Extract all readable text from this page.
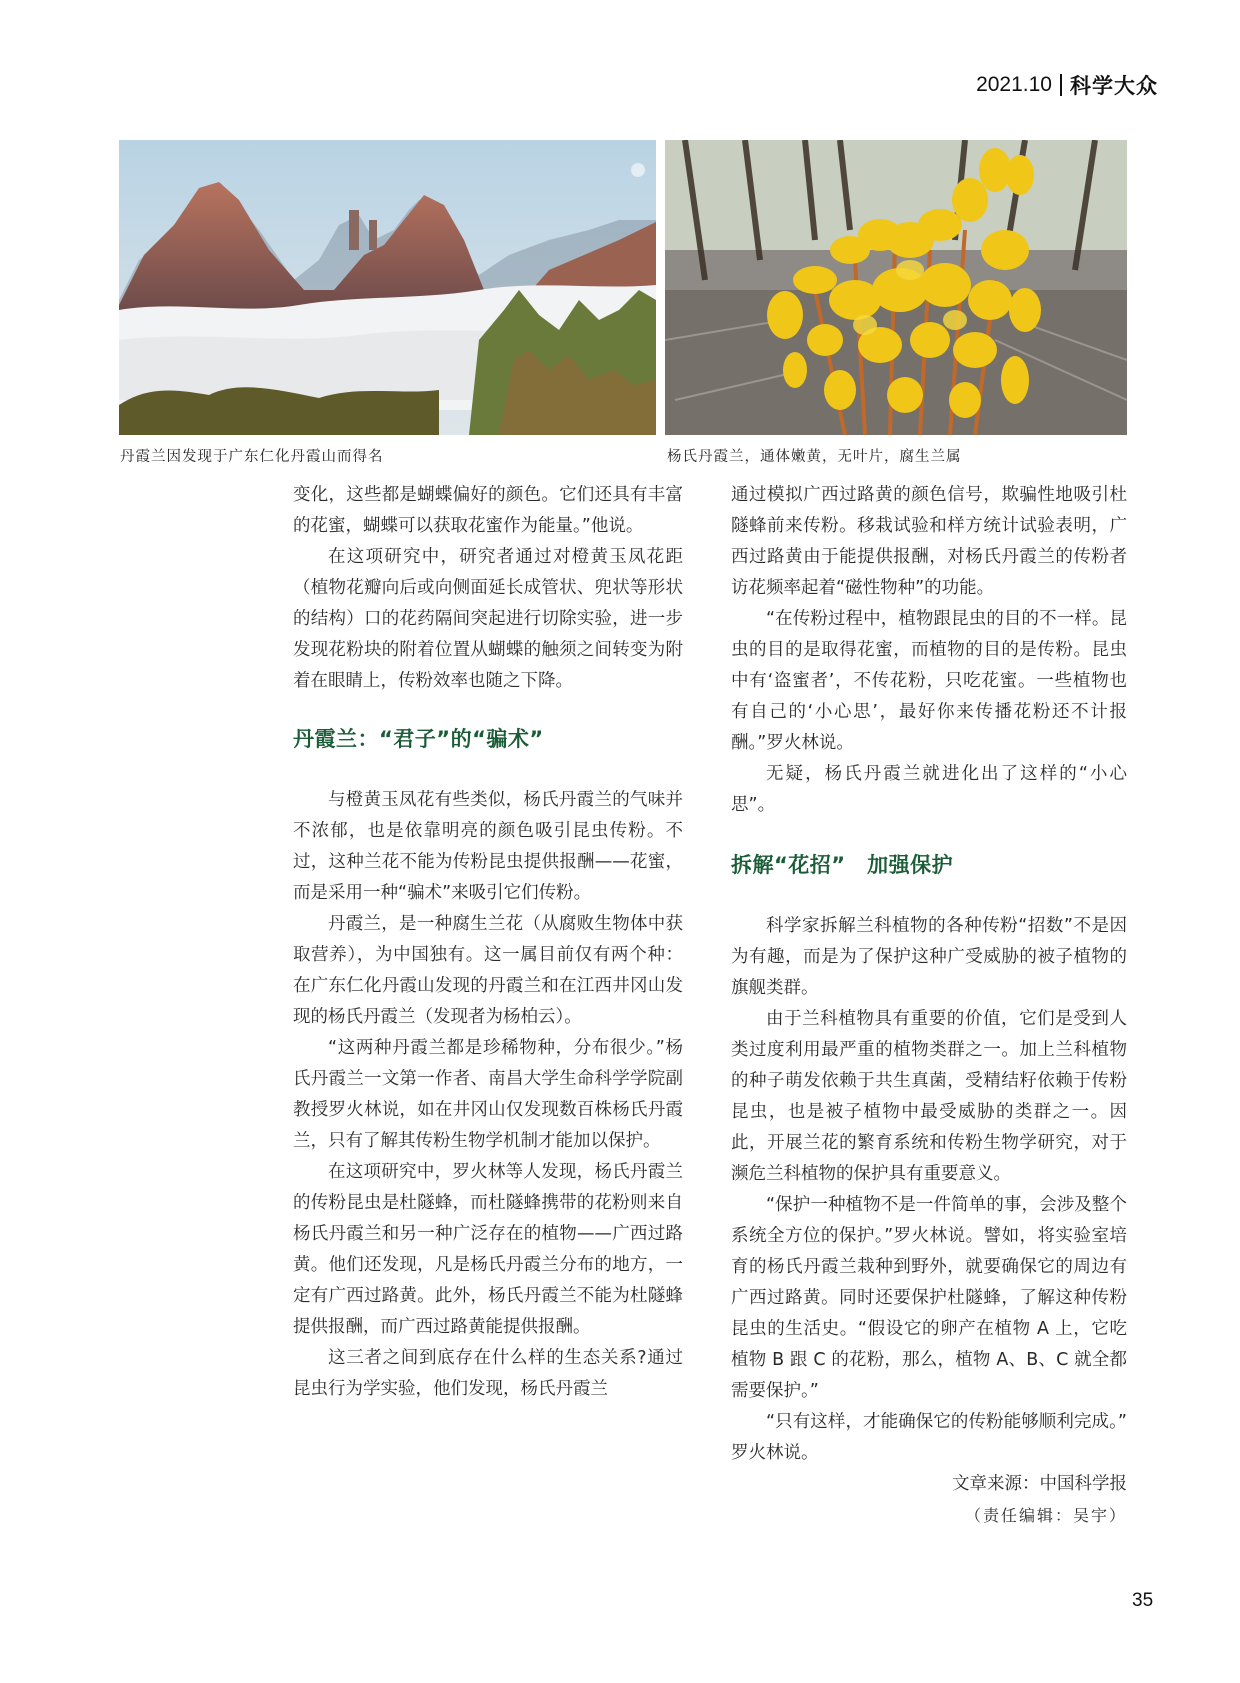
2021.10 科学大众
丹霞兰因发现于广东仁化丹霞山而得名	杨氏丹霞兰，通体嫩黄，无叶片，腐生兰属

变化，这些都是蝴蝶偏好的颜色。它们还具有丰富的花蜜，蝴蝶可以获取花蜜作为能量。”他说。

在这项研究中，研究者通过对橙黄玉凤花距（植物花瓣向后或向侧面延长成管状、兜状等形状的结构）口的花药隔间突起进行切除实验，进一步发现花粉块的附着位置从蝴蝶的触须之间转变为附着在眼睛上，传粉效率也随之下降。

丹霞兰：“君子”的“骗术”

与橙黄玉凤花有些类似，杨氏丹霞兰的气味并不浓郁，也是依靠明亮的颜色吸引昆虫传粉。不过，这种兰花不能为传粉昆虫提供报酬——花蜜，而是采用一种“骗术”来吸引它们传粉。

丹霞兰，是一种腐生兰花（从腐败生物体中获取营养），为中国独有。这一属目前仅有两个种：在广东仁化丹霞山发现的丹霞兰和在江西井冈山发现的杨氏丹霞兰（发现者为杨柏云）。

“这两种丹霞兰都是珍稀物种，分布很少。”杨氏丹霞兰一文第一作者、南昌大学生命科学学院副教授罗火林说，如在井冈山仅发现数百株杨氏丹霞兰，只有了解其传粉生物学机制才能加以保护。

在这项研究中，罗火林等人发现，杨氏丹霞兰的传粉昆虫是杜隧蜂，而杜隧蜂携带的花粉则来自杨氏丹霞兰和另一种广泛存在的植物——广西过路黄。他们还发现，凡是杨氏丹霞兰分布的地方，一定有广西过路黄。此外，杨氏丹霞兰不能为杜隧蜂提供报酬，而广西过路黄能提供报酬。

这三者之间到底存在什么样的生态关系?通过昆虫行为学实验，他们发现，杨氏丹霞兰

通过模拟广西过路黄的颜色信号，欺骗性地吸引杜隧蜂前来传粉。移栽试验和样方统计试验表明，广西过路黄由于能提供报酬，对杨氏丹霞兰的传粉者访花频率起着“磁性物种”的功能。

“在传粉过程中，植物跟昆虫的目的不一样。昆虫的目的是取得花蜜，而植物的目的是传粉。昆虫中有‘盗蜜者’，不传花粉，只吃花蜜。一些植物也有自己的‘小心思’，最好你来传播花粉还不计报酬。”罗火林说。

无疑，杨氏丹霞兰就进化出了这样的“小心思”。

拆解“花招”　加强保护

科学家拆解兰科植物的各种传粉“招数”不是因为有趣，而是为了保护这种广受威胁的被子植物的旗舰类群。

由于兰科植物具有重要的价值，它们是受到人类过度利用最严重的植物类群之一。加上兰科植物的种子萌发依赖于共生真菌，受精结籽依赖于传粉昆虫，也是被子植物中最受威胁的类群之一。因此，开展兰花的繁育系统和传粉生物学研究，对于濒危兰科植物的保护具有重要意义。

“保护一种植物不是一件简单的事，会涉及整个系统全方位的保护。”罗火林说。譬如，将实验室培育的杨氏丹霞兰栽种到野外，就要确保它的周边有广西过路黄。同时还要保护杜隧蜂，了解这种传粉昆虫的生活史。“假设它的卵产在植物 A 上，它吃植物 B 跟 C 的花粉，那么，植物 A、B、C 就全都需要保护。”

“只有这样，才能确保它的传粉能够顺利完成。” 罗火林说。

文章来源：中国科学报

（责任编辑：吴宇）

35
